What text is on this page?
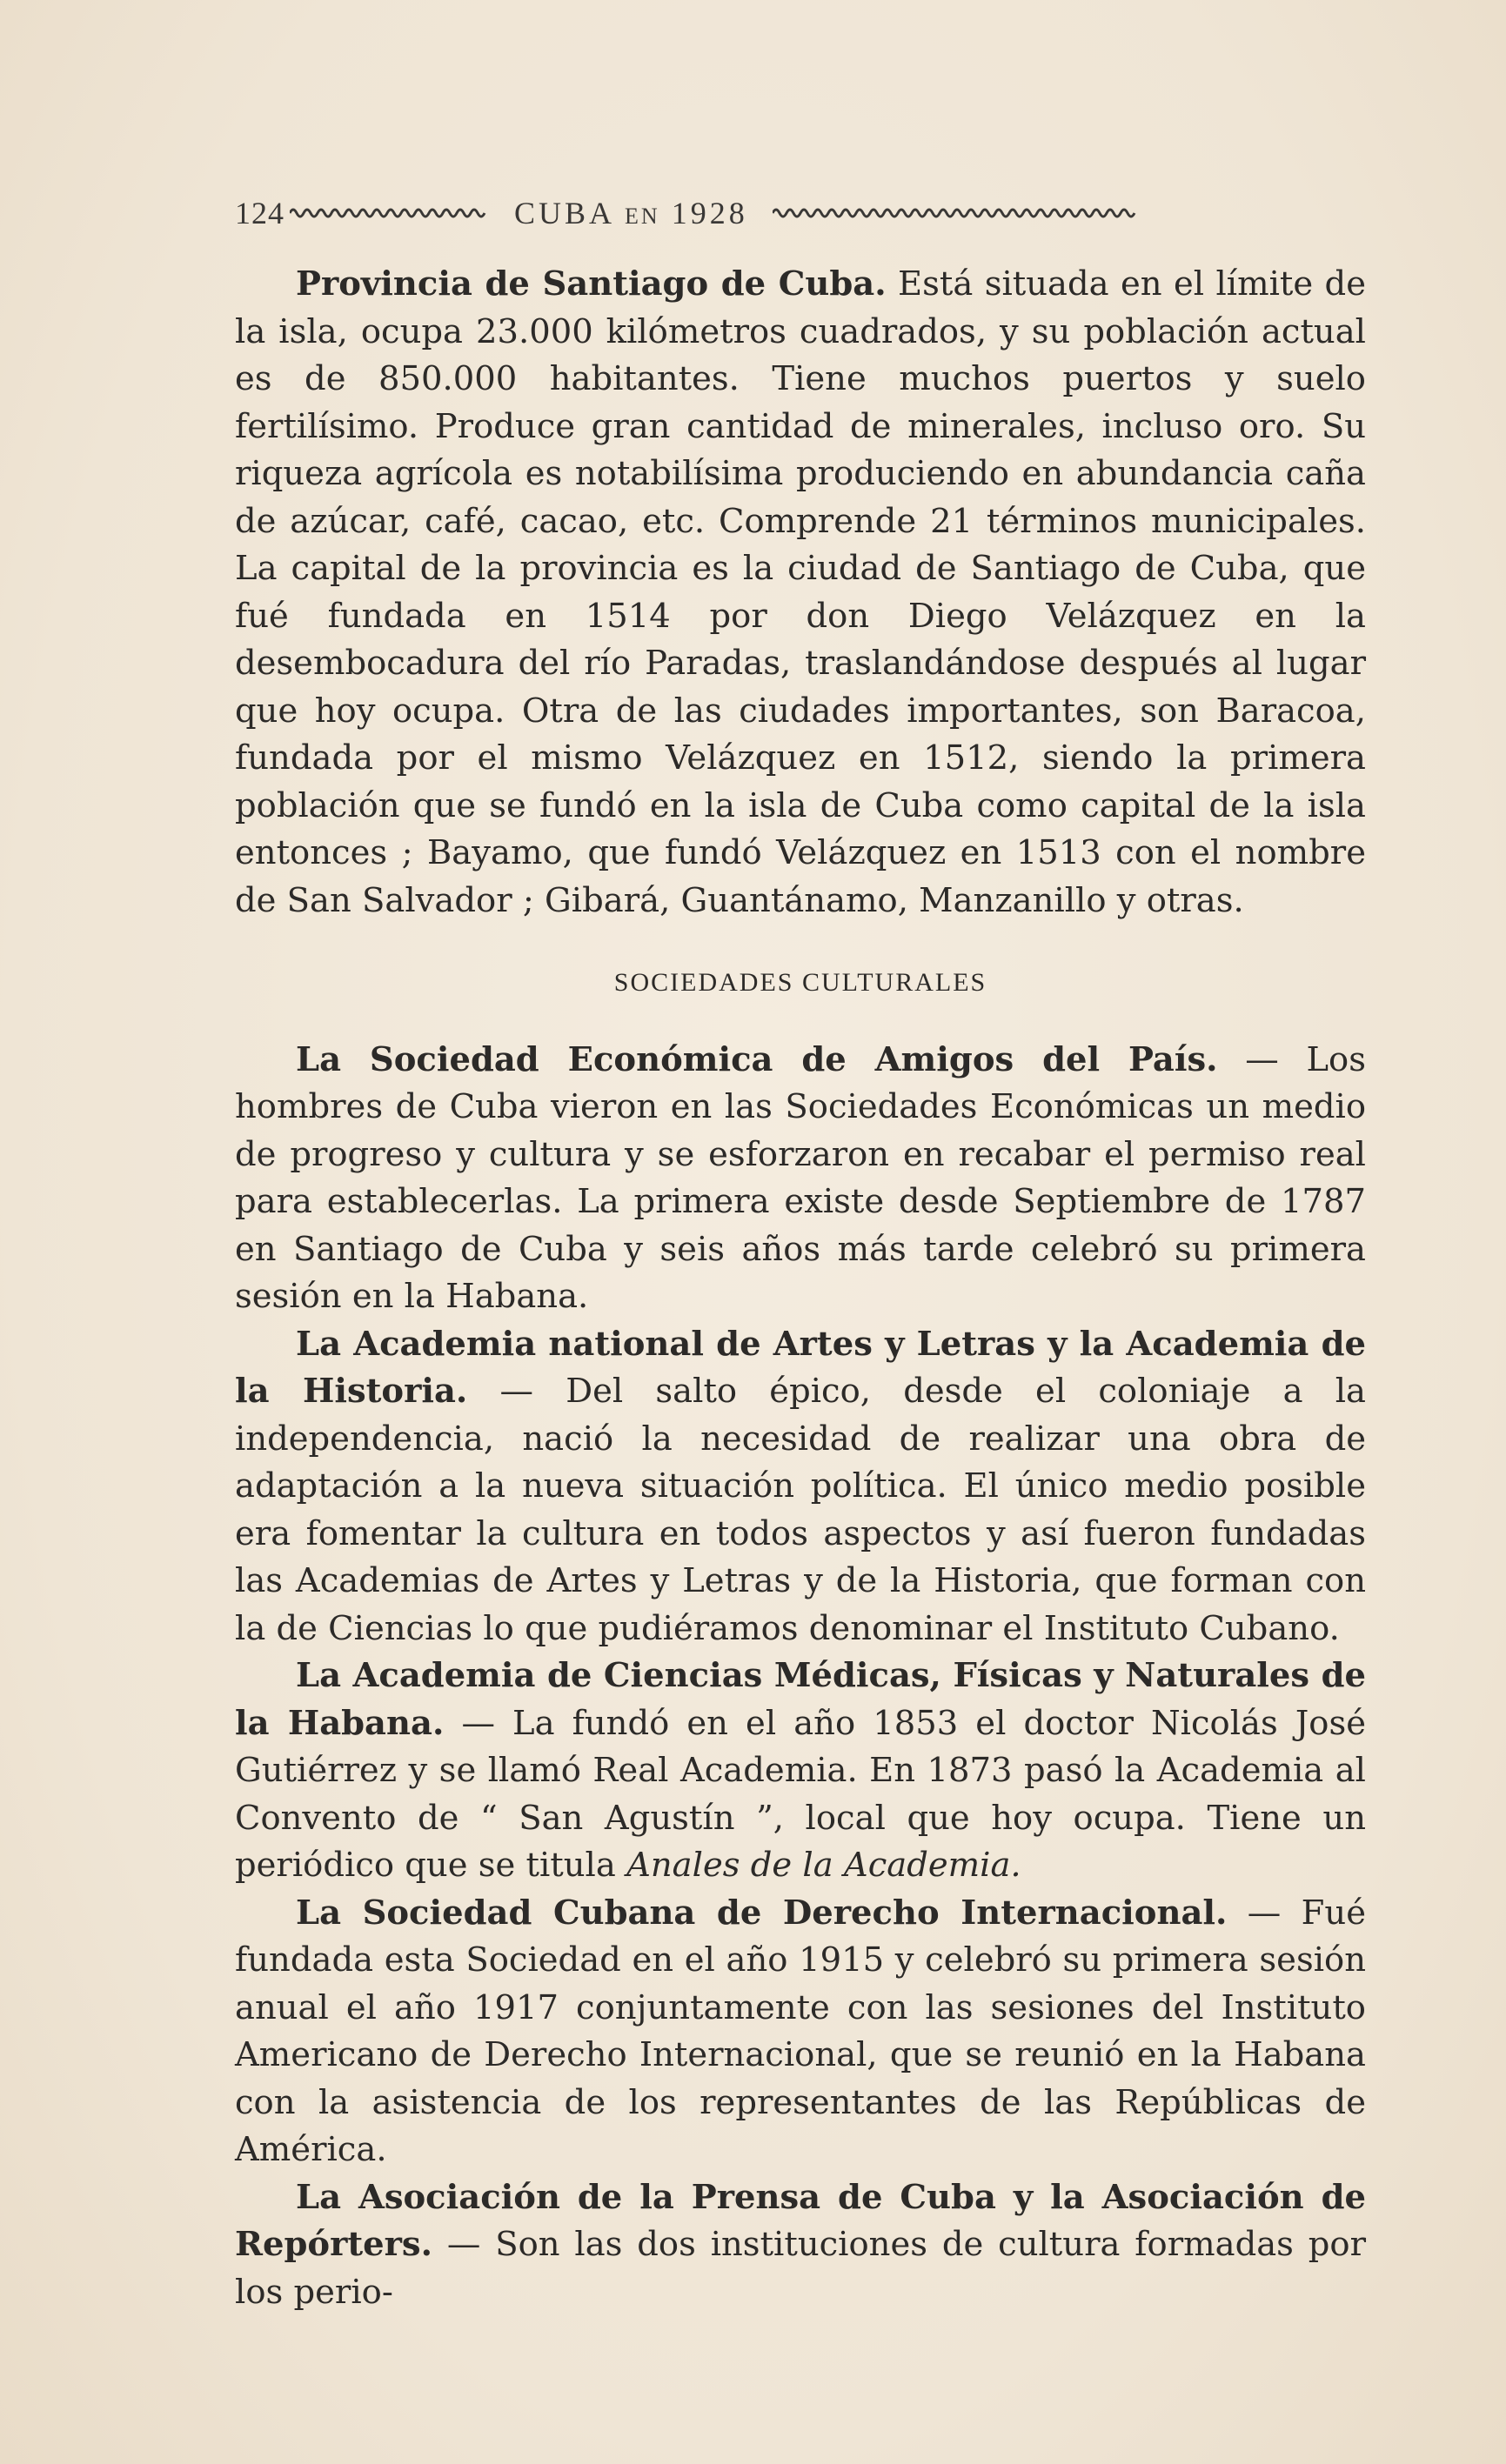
124	CUBA EN 1928

Provincia de Santiago de Cuba. Está situada en el límite de la isla, ocupa 23.000 kilómetros cuadrados, y su población actual es de 850.000 habitantes. Tiene muchos puertos y suelo fertilísimo. Produce gran cantidad de minerales, incluso oro. Su riqueza agrícola es notabilísima produciendo en abundancia caña de azúcar, café, cacao, etc. Comprende 21 términos municipales. La capital de la provincia es la ciudad de Santiago de Cuba, que fué fundada en 1514 por don Diego Velázquez en la desembocadura del río Paradas, traslandándose después al lugar que hoy ocupa. Otra de las ciudades importantes, son Baracoa, fundada por el mismo Velázquez en 1512, siendo la primera población que se fundó en la isla de Cuba como capital de la isla entonces ; Bayamo, que fundó Velázquez en 1513 con el nombre de San Salvador ; Gibará, Guantánamo, Manzanillo y otras.

SOCIEDADES CULTURALES

La Sociedad Económica de Amigos del País. — Los hombres de Cuba vieron en las Sociedades Económicas un medio de progreso y cultura y se esforzaron en recabar el permiso real para establecerlas. La primera existe desde Septiembre de 1787 en Santiago de Cuba y seis años más tarde celebró su primera sesión en la Habana.

La Academia national de Artes y Letras y la Academia de la Historia. — Del salto épico, desde el coloniaje a la independencia, nació la necesidad de realizar una obra de adaptación a la nueva situación política. El único medio posible era fomentar la cultura en todos aspectos y así fueron fundadas las Academias de Artes y Letras y de la Historia, que forman con la de Ciencias lo que pudiéramos denominar el Instituto Cubano.

La Academia de Ciencias Médicas, Físicas y Naturales de la Habana. — La fundó en el año 1853 el doctor Nicolás José Gutiérrez y se llamó Real Academia. En 1873 pasó la Academia al Convento de “ San Agustín ”, local que hoy ocupa. Tiene un periódico que se titula Anales de la Academia.

La Sociedad Cubana de Derecho Internacional. — Fué fundada esta Sociedad en el año 1915 y celebró su primera sesión anual el año 1917 conjuntamente con las sesiones del Instituto Americano de Derecho Internacional, que se reunió en la Habana con la asistencia de los representantes de las Repúblicas de América.

La Asociación de la Prensa de Cuba y la Asociación de Repórters. — Son las dos instituciones de cultura formadas por los perio-
